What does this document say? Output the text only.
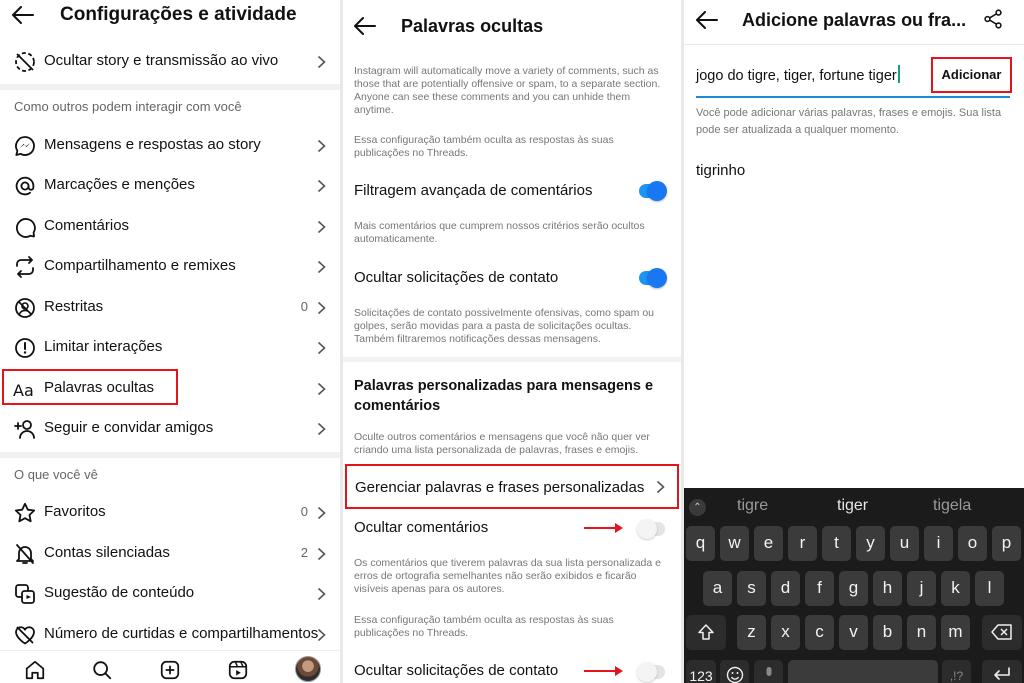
Configurações e atividade
Ocultar story e transmissão ao vivo
Como outros podem interagir com você
Mensagens e respostas ao story
Marcações e menções
Comentários
Compartilhamento e remixes
Restritas	0
Limitar interações
Aa Palavras ocultas
Seguir e convidar amigos
O que você vê
Favoritos	0
Contas silenciadas	2
Sugestão de conteúdo
Número de curtidas e compartilhamentos
Palavras ocultas
Instagram will automatically move a variety of comments, such as those that are potentially offensive or spam, to a separate section. Anyone can see these comments and you can unhide them anytime.
Essa configuração também oculta as respostas às suas publicações no Threads.
Filtragem avançada de comentários
Mais comentários que cumprem nossos critérios serão ocultos automaticamente.
Ocultar solicitações de contato
Solicitações de contato possivelmente ofensivas, como spam ou golpes, serão movidas para a pasta de solicitações ocultas. Também filtraremos notificações dessas mensagens.
Palavras personalizadas para mensagens e comentários
Oculte outros comentários e mensagens que você não quer ver criando uma lista personalizada de palavras, frases e emojis.
Gerenciar palavras e frases personalizadas
Ocultar comentários
Os comentários que tiverem palavras da sua lista personalizada e erros de ortografia semelhantes não serão exibidos e ficarão visíveis apenas para os autores.
Essa configuração também oculta as respostas às suas publicações no Threads.
Ocultar solicitações de contato
Adicione palavras ou fra...
jogo do tigre, tiger, fortune tiger	Adicionar
Você pode adicionar várias palavras, frases e emojis. Sua lista pode ser atualizada a qualquer momento.
tigrinho
⌃ tigre	tiger	tigela
q	w	e	r	t	y	u	i	o	p
a	s	d	f	g	h	j	k	l
z	x	c	v	b	n	m
123	,!?
